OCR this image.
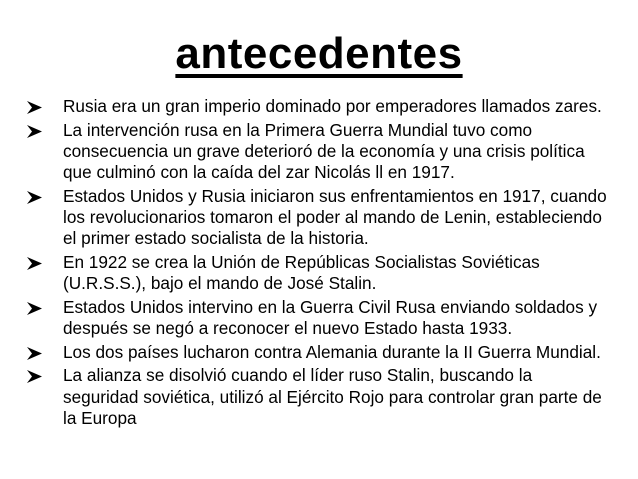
antecedentes
Rusia era un gran imperio dominado por emperadores llamados zares.
La intervención rusa en la Primera Guerra Mundial tuvo como consecuencia un grave deterioró de la economía y una crisis política que culminó con la caída del zar Nicolás ll en 1917.
Estados Unidos y Rusia iniciaron sus enfrentamientos en 1917, cuando los revolucionarios tomaron el poder al mando de Lenin, estableciendo el primer estado socialista de la historia.
En 1922 se crea la Unión de Repúblicas Socialistas Soviéticas (U.R.S.S.), bajo el mando de José Stalin.
Estados Unidos intervino en la Guerra Civil Rusa enviando soldados y después se negó a reconocer el nuevo Estado hasta 1933.
Los dos países lucharon contra Alemania durante la II Guerra Mundial.
La alianza se disolvió cuando el líder ruso Stalin, buscando la seguridad soviética, utilizó al Ejército Rojo para controlar gran parte de la Europa
